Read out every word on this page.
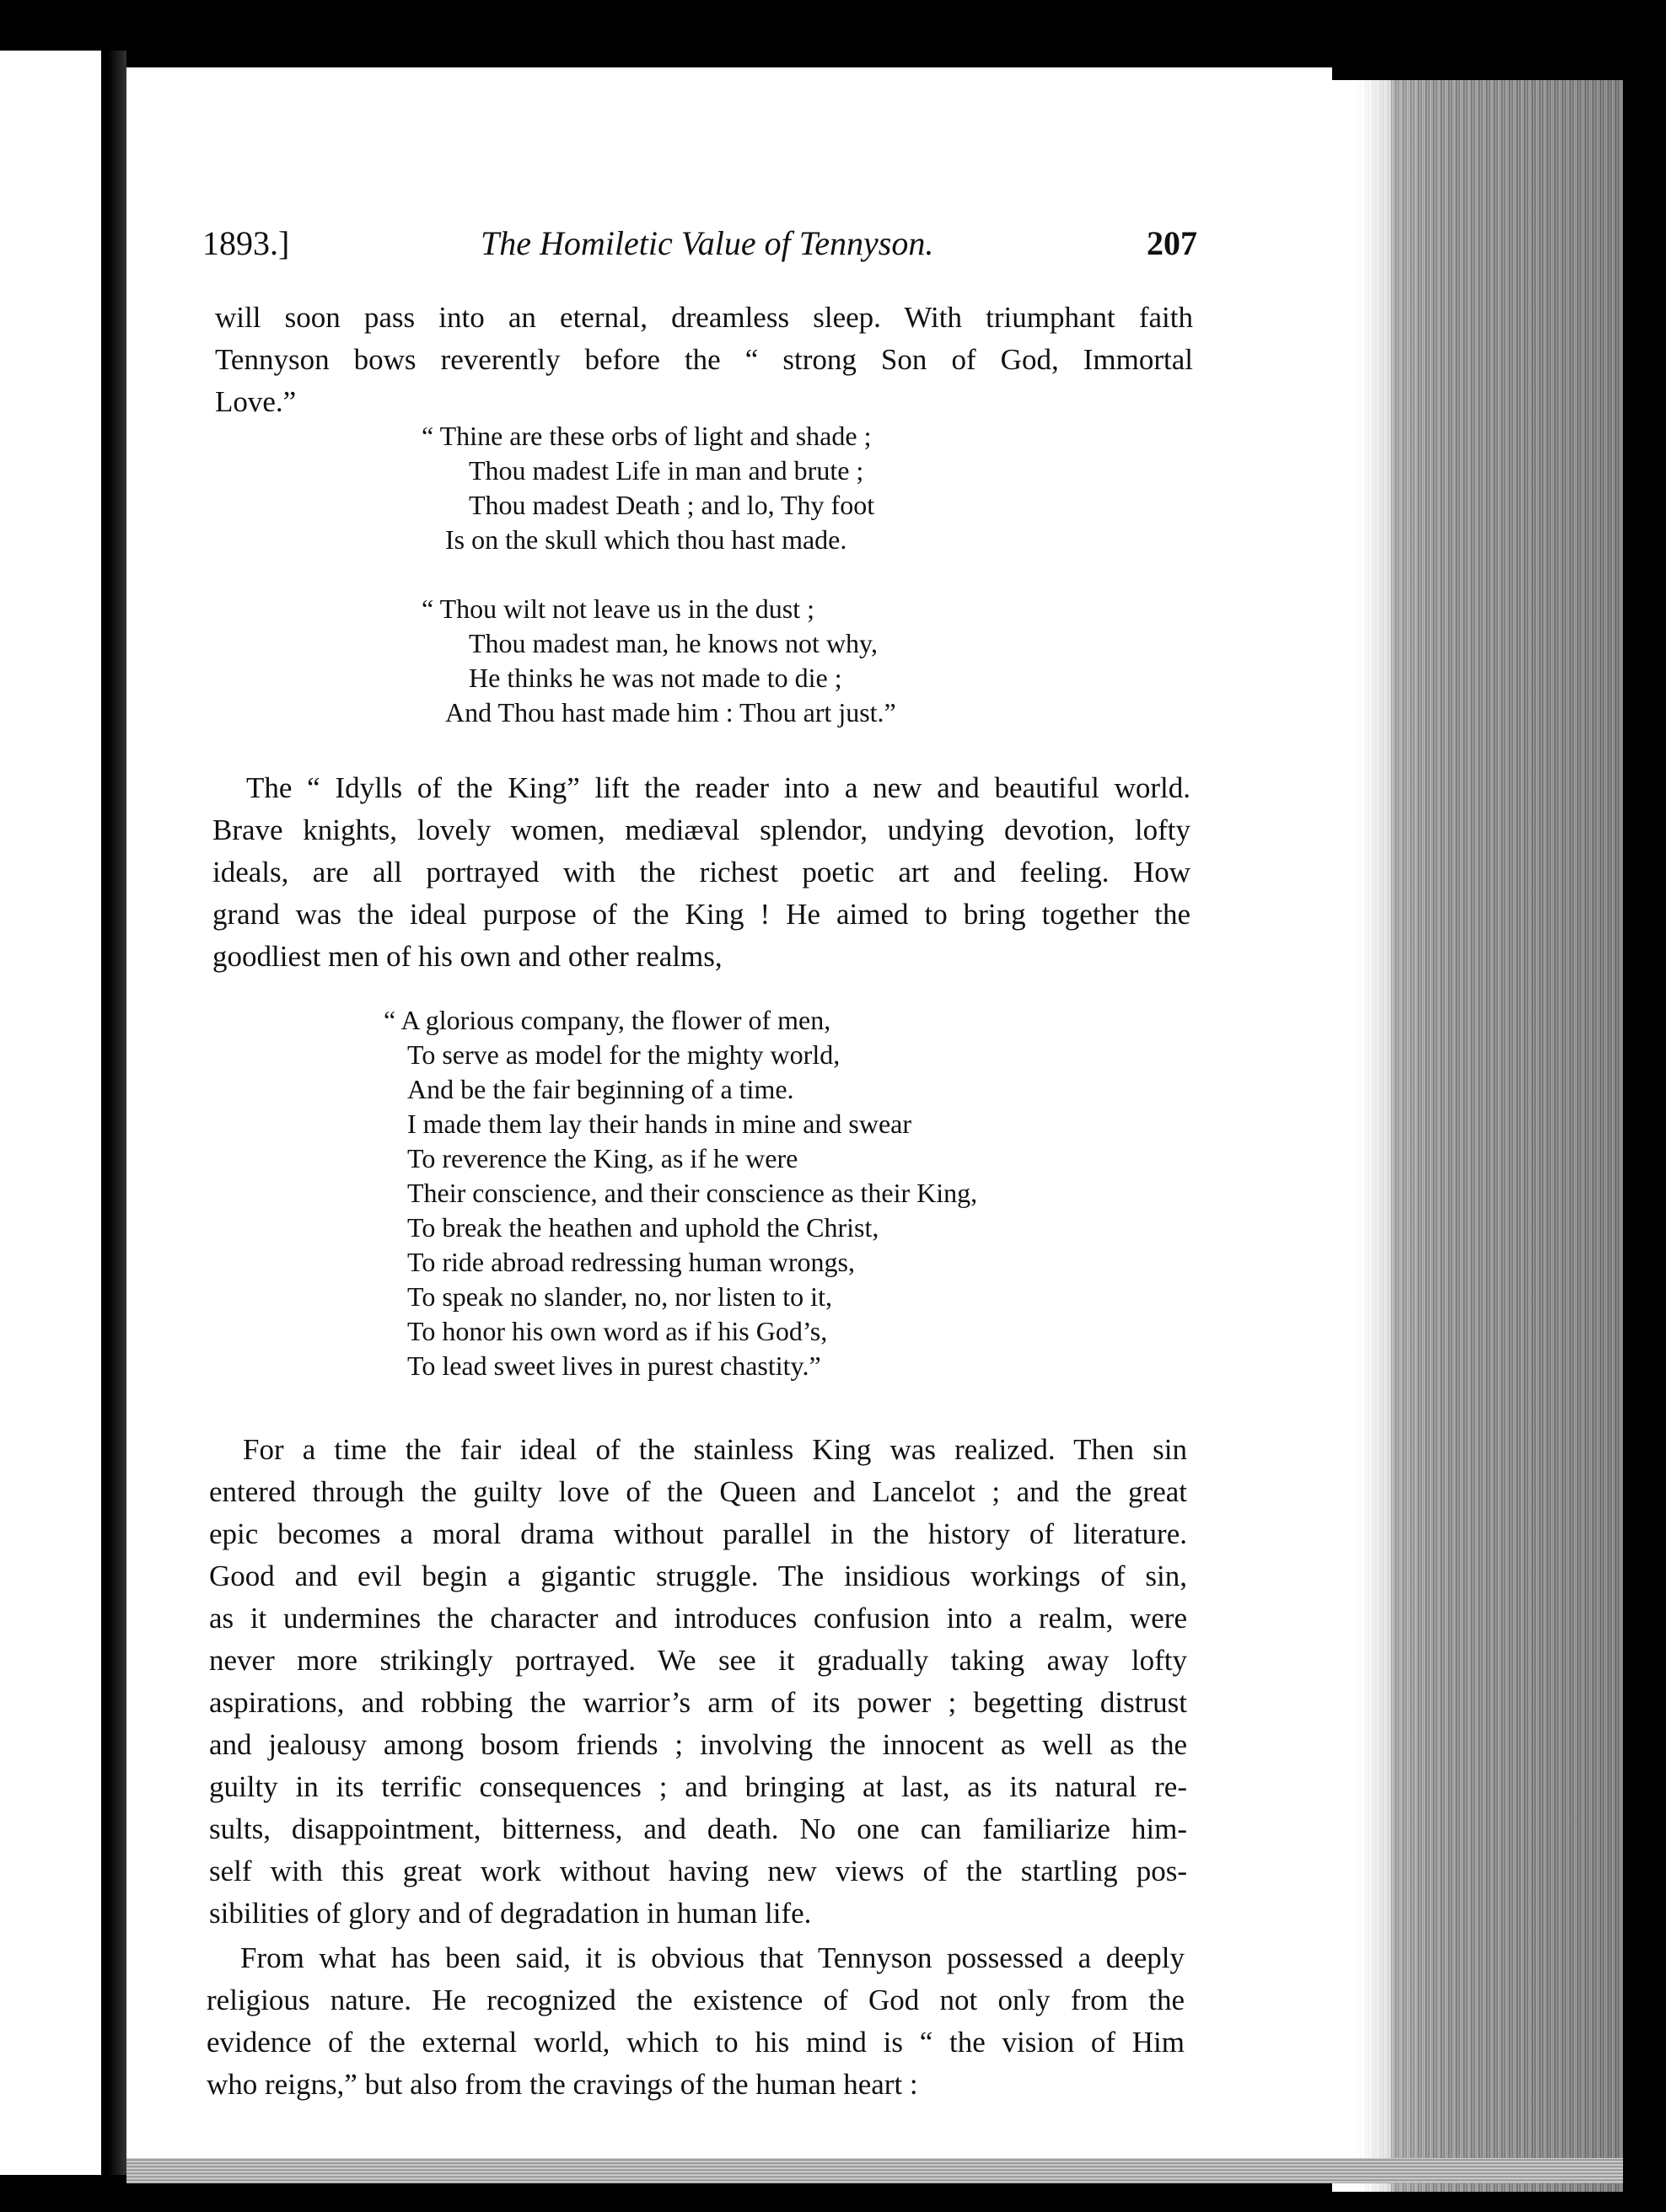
1893.]	The Homiletic Value of Tennyson.	207
will soon pass into an eternal, dreamless sleep. With triumphant faith
Tennyson bows reverently before the “ strong Son of God, Immortal
Love.”
“ Thine are these orbs of light and shade ;
Thou madest Life in man and brute ;
Thou madest Death ; and lo, Thy foot
Is on the skull which thou hast made.
“ Thou wilt not leave us in the dust ;
Thou madest man, he knows not why,
He thinks he was not made to die ;
And Thou hast made him : Thou art just.”
The “ Idylls of the King” lift the reader into a new and beautiful world.
Brave knights, lovely women, mediæval splendor, undying devotion, lofty
ideals, are all portrayed with the richest poetic art and feeling. How
grand was the ideal purpose of the King ! He aimed to bring together the
goodliest men of his own and other realms,
“ A glorious company, the flower of men,
To serve as model for the mighty world,
And be the fair beginning of a time.
I made them lay their hands in mine and swear
To reverence the King, as if he were
Their conscience, and their conscience as their King,
To break the heathen and uphold the Christ,
To ride abroad redressing human wrongs,
To speak no slander, no, nor listen to it,
To honor his own word as if his God’s,
To lead sweet lives in purest chastity.”
For a time the fair ideal of the stainless King was realized. Then sin
entered through the guilty love of the Queen and Lancelot ; and the great
epic becomes a moral drama without parallel in the history of literature.
Good and evil begin a gigantic struggle. The insidious workings of sin,
as it undermines the character and introduces confusion into a realm, were
never more strikingly portrayed. We see it gradually taking away lofty
aspirations, and robbing the warrior’s arm of its power ; begetting distrust
and jealousy among bosom friends ; involving the innocent as well as the
guilty in its terrific consequences ; and bringing at last, as its natural re-
sults, disappointment, bitterness, and death. No one can familiarize him-
self with this great work without having new views of the startling pos-
sibilities of glory and of degradation in human life.
From what has been said, it is obvious that Tennyson possessed a deeply
religious nature. He recognized the existence of God not only from the
evidence of the external world, which to his mind is “ the vision of Him
who reigns,” but also from the cravings of the human heart :
